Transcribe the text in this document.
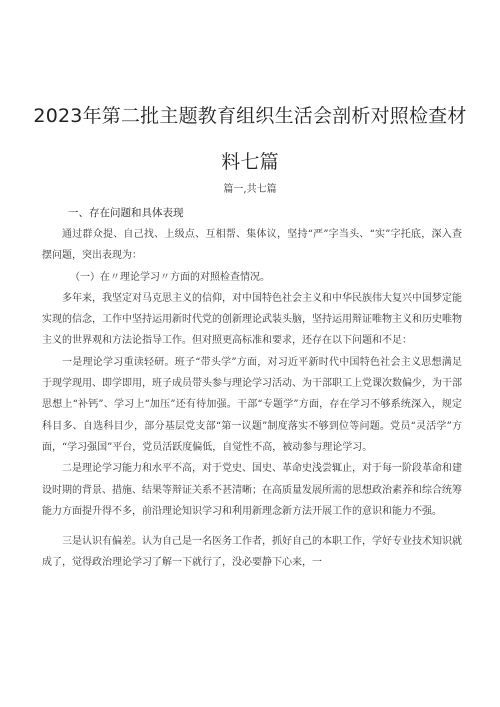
2023年第二批主题教育组织生活会剖析对照检查材
料七篇
篇一,共七篇
一、存在问题和具体表现

通过群众提、自己找、上级点、互相帮、集体议，坚持“严”字当头、“实”字托底，深入查摆问题，突出表现为：

（一）在〃理论学习〃方面的对照检查情况。

多年来，我坚定对马克思主义的信仰，对中国特色社会主义和中华民族伟大复兴中国梦定能实现的信念，工作中坚持运用新时代党的创新理论武装头脑，坚持运用辩证唯物主义和历史唯物主义的世界观和方法论指导工作。但对照更高标准和要求，还存在以下问题和不足：

一是理论学习重读轻研。班子“带头学”方面，对习近平新时代中国特色社会主义思想满足于现学现用、即学即用，班子成员带头参与理论学习活动、为干部职工上党课次数偏少，为干部思想上“补钙”、学习上“加压”还有待加强。干部“专题学”方面，存在学习不够系统深入，规定科目多、自选科目少，部分基层党支部“第一议题”制度落实不够到位等问题。党员“灵活学”方面，“学习强国”平台，党员活跃度偏低，自觉性不高，被动参与理论学习。

二是理论学习能力和水平不高，对于党史、国史、革命史浅尝辄止，对于每一阶段革命和建设时期的背景、措施、结果等辩证关系不甚清晰；在高质量发展所需的思想政治素养和综合统筹能力方面提升得不多，前沿理论知识学习和利用新理念新方法开展工作的意识和能力不强。

三是认识有偏差。认为自己是一名医务工作者，抓好自己的本职工作，学好专业技术知识就成了，觉得政治理论学习了解一下就行了，没必要静下心来，一
